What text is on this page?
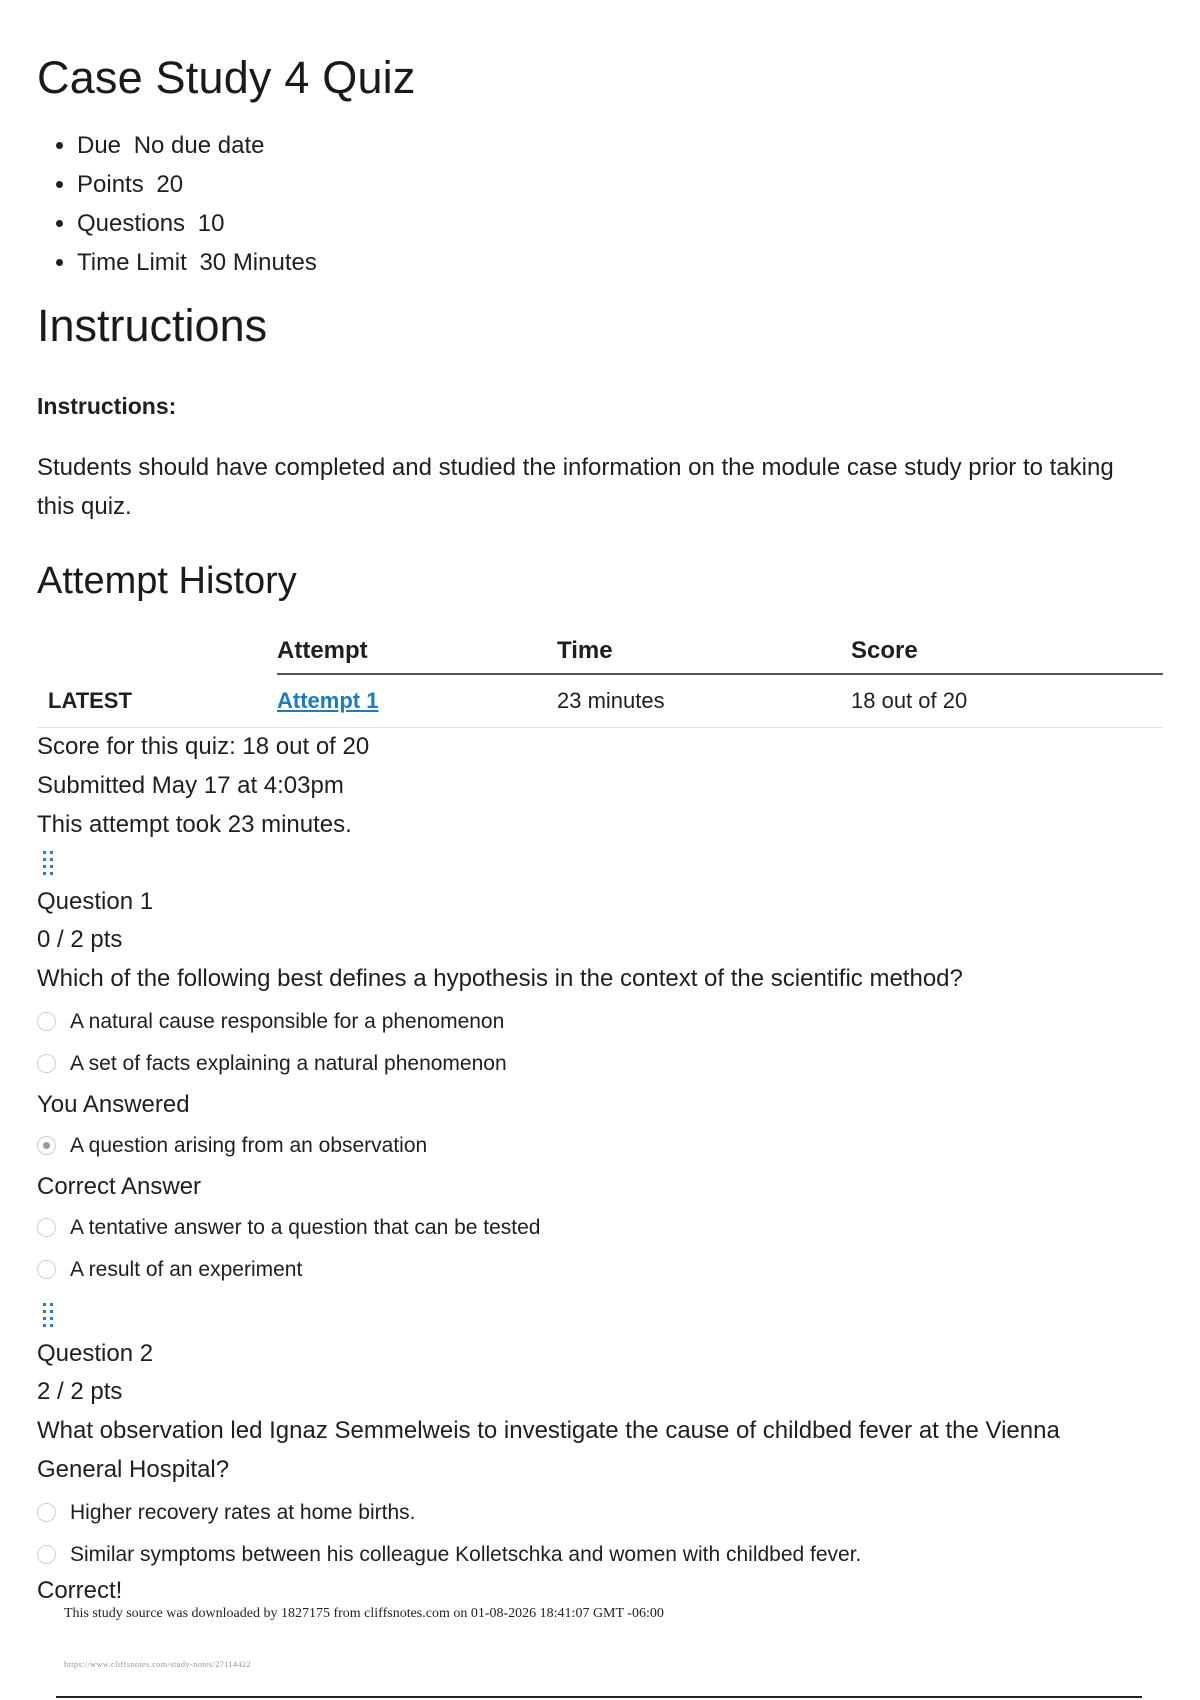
Case Study 4 Quiz
• Due No due date
• Points 20
• Questions 10
• Time Limit 30 Minutes
Instructions
Instructions:
Students should have completed and studied the information on the module case study prior to taking this quiz.
Attempt History
	Attempt	Time	Score
LATEST	Attempt 1	23 minutes	18 out of 20
Score for this quiz: 18 out of 20
Submitted May 17 at 4:03pm
This attempt took 23 minutes.
Question 1
0 / 2 pts
Which of the following best defines a hypothesis in the context of the scientific method?
A natural cause responsible for a phenomenon
A set of facts explaining a natural phenomenon
You Answered
A question arising from an observation
Correct Answer
A tentative answer to a question that can be tested
A result of an experiment
Question 2
2 / 2 pts
What observation led Ignaz Semmelweis to investigate the cause of childbed fever at the Vienna General Hospital?
Higher recovery rates at home births.
Similar symptoms between his colleague Kolletschka and women with childbed fever.
Correct!
This study source was downloaded by 1827175 from cliffsnotes.com on 01-08-2026 18:41:07 GMT -06:00
https://www.cliffsnotes.com/study-notes/27114422
